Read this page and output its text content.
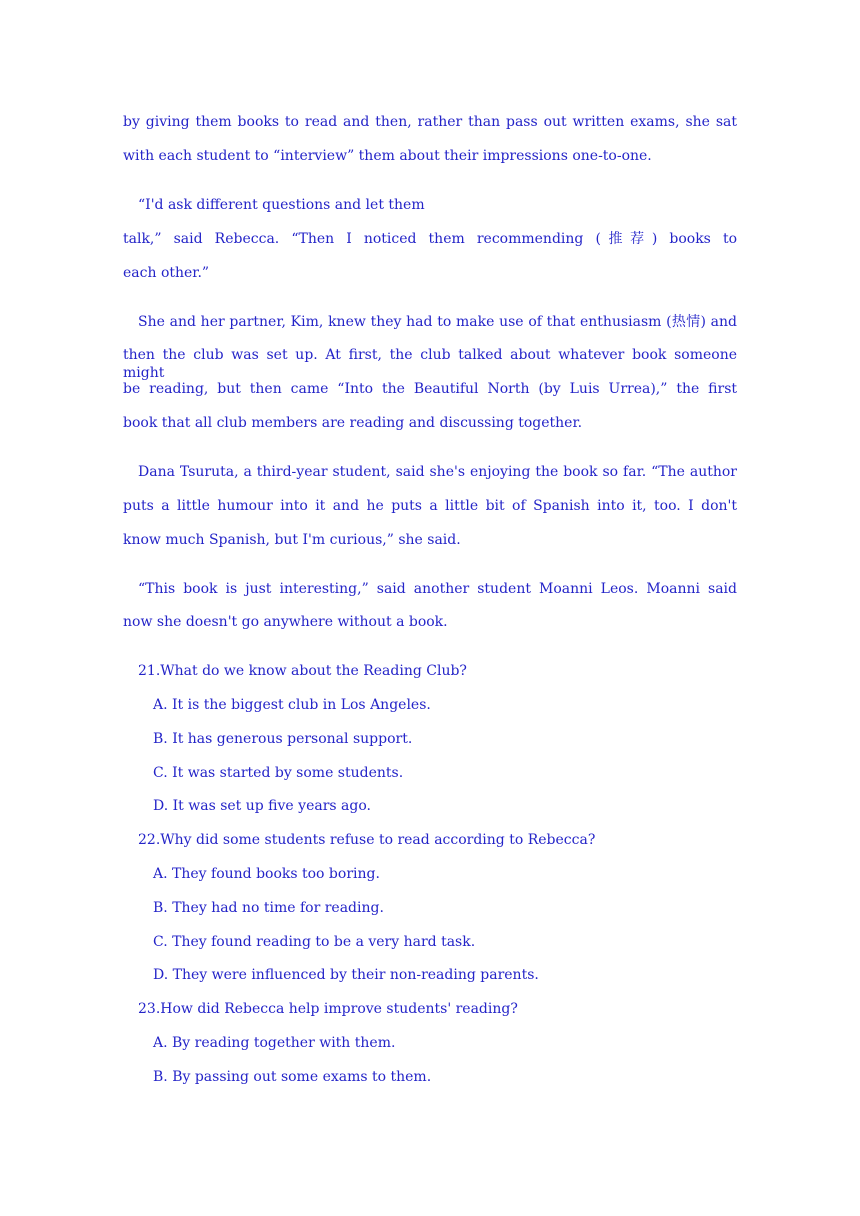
by giving them books to read and then, rather than pass out written exams, she sat
with each student to “interview” them about their impressions one-to-one.
“I'd ask different questions and let them
talk,” said Rebecca. “Then I noticed them recommending (推荐) books to
each other.”
She and her partner, Kim, knew they had to make use of that enthusiasm (热情) and
then the club was set up. At first, the club talked about whatever book someone might
be reading, but then came “Into the Beautiful North (by Luis Urrea),” the first
book that all club members are reading and discussing together.
Dana Tsuruta, a third-year student, said she's enjoying the book so far. “The author
puts a little humour into it and he puts a little bit of Spanish into it, too. I don't
know much Spanish, but I'm curious,” she said.
“This book is just interesting,” said another student Moanni Leos. Moanni said
now she doesn't go anywhere without a book.
21.What do we know about the Reading Club?
A. It is the biggest club in Los Angeles.
B. It has generous personal support.
C. It was started by some students.
D. It was set up five years ago.
22.Why did some students refuse to read according to Rebecca?
A. They found books too boring.
B. They had no time for reading.
C. They found reading to be a very hard task.
D. They were influenced by their non-reading parents.
23.How did Rebecca help improve students' reading?
A. By reading together with them.
B. By passing out some exams to them.
